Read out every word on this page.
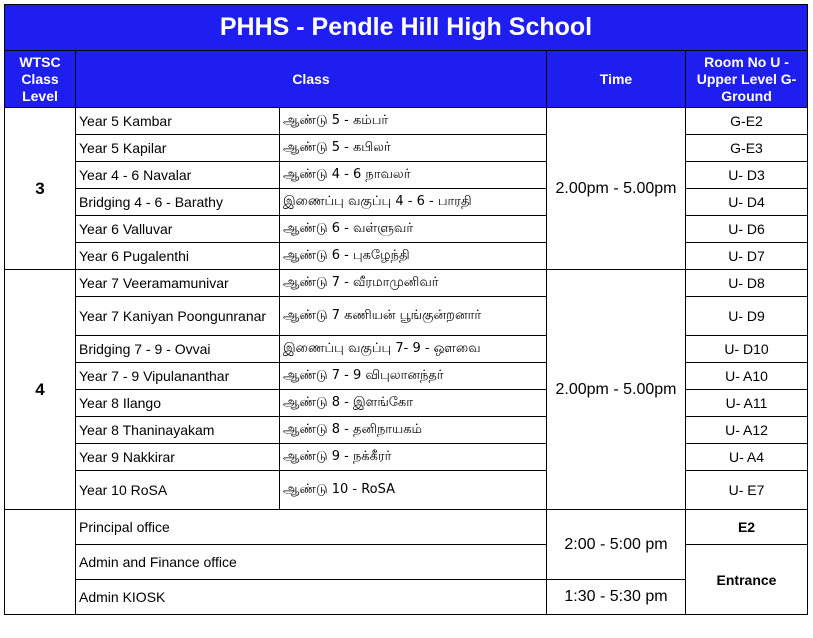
PHHS - Pendle Hill High School				
WTSC Class Level	Class		Time	Room No U - Upper Level G- Ground
3	Year 5 Kambar	ஆண்டு 5 - கம்பர்	2.00pm - 5.00pm	G-E2
	Year 5 Kapilar	ஆண்டு 5 - கபிலர்		G-E3
	Year 4 - 6 Navalar	ஆண்டு 4 - 6 நாவலர்		U- D3
	Bridging 4 - 6 - Barathy	இணைப்பு வகுப்பு 4 - 6 - பாரதி		U- D4
	Year 6 Valluvar	ஆண்டு 6 - வள்ளுவர்		U- D6
	Year 6 Pugalenthi	ஆண்டு 6 - புகழேந்தி		U- D7
4	Year 7 Veeramamunivar	ஆண்டு 7 - வீரமாமுனிவர்	2.00pm - 5.00pm	U- D8
	Year 7 Kaniyan Poongunranar	ஆண்டு 7 கணியன் பூங்குன்றனார்		U- D9
	Bridging 7 - 9 - Ovvai	இணைப்பு வகுப்பு 7- 9 - ஔவை		U- D10
	Year 7 - 9 Vipulananthar	ஆண்டு 7 - 9 விபுலானந்தர்		U- A10
	Year 8 Ilango	ஆண்டு 8 - இளங்கோ		U- A11
	Year 8 Thaninayakam	ஆண்டு 8 - தனிநாயகம்		U- A12
	Year 9 Nakkirar	ஆண்டு 9 - நக்கீரர்		U- A4
	Year 10 RoSA	ஆண்டு 10 - RoSA		U- E7
	Principal office		2:00 - 5:00 pm	E2
	Admin and Finance office			Entrance
	Admin KIOSK		1:30 - 5:30 pm	
